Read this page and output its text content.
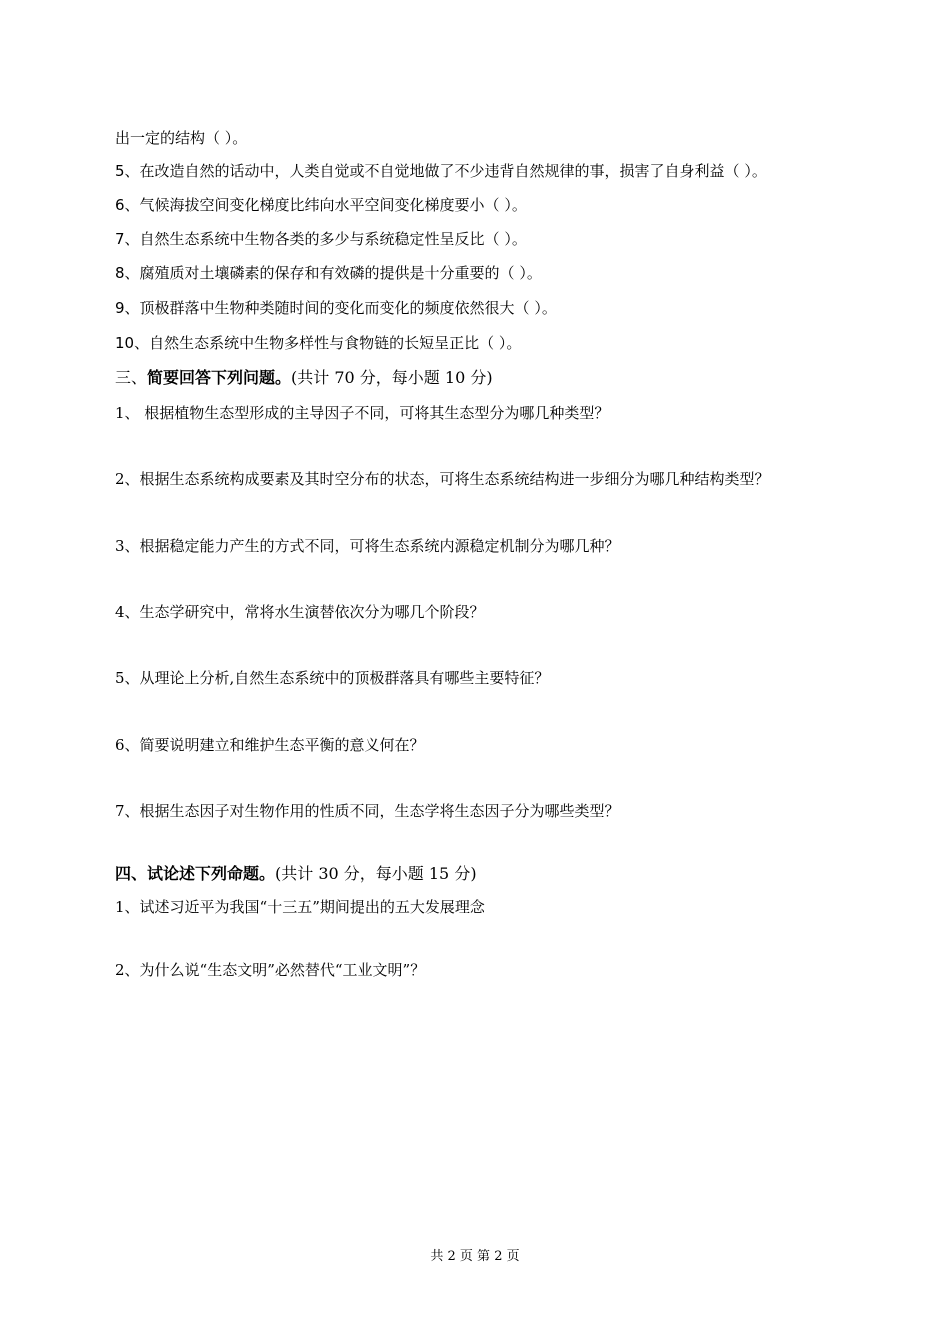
出一定的结构（ ）。
5、在改造自然的话动中，人类自觉或不自觉地做了不少违背自然规律的事，损害了自身利益（ ）。
6、气候海拔空间变化梯度比纬向水平空间变化梯度要小（ ）。
7、自然生态系统中生物各类的多少与系统稳定性呈反比（ ）。
8、腐殖质对土壤磷素的保存和有效磷的提供是十分重要的（ ）。
9、顶极群落中生物种类随时间的变化而变化的频度依然很大（ ）。
10、自然生态系统中生物多样性与食物链的长短呈正比（ ）。
三、简要回答下列问题。(共计 70 分，每小题 10 分)
1、 根据植物生态型形成的主导因子不同，可将其生态型分为哪几种类型？
2、根据生态系统构成要素及其时空分布的状态，可将生态系统结构进一步细分为哪几种结构类型？
3、根据稳定能力产生的方式不同，可将生态系统内源稳定机制分为哪几种？
4、生态学研究中，常将水生演替依次分为哪几个阶段？
5、从理论上分析,自然生态系统中的顶极群落具有哪些主要特征？
6、简要说明建立和维护生态平衡的意义何在？
7、根据生态因子对生物作用的性质不同，生态学将生态因子分为哪些类型？
四、试论述下列命题。(共计 30 分，每小题 15 分)
1、试述习近平为我国“十三五”期间提出的五大发展理念
2、为什么说“生态文明”必然替代“工业文明”？
共 2 页 第 2 页
